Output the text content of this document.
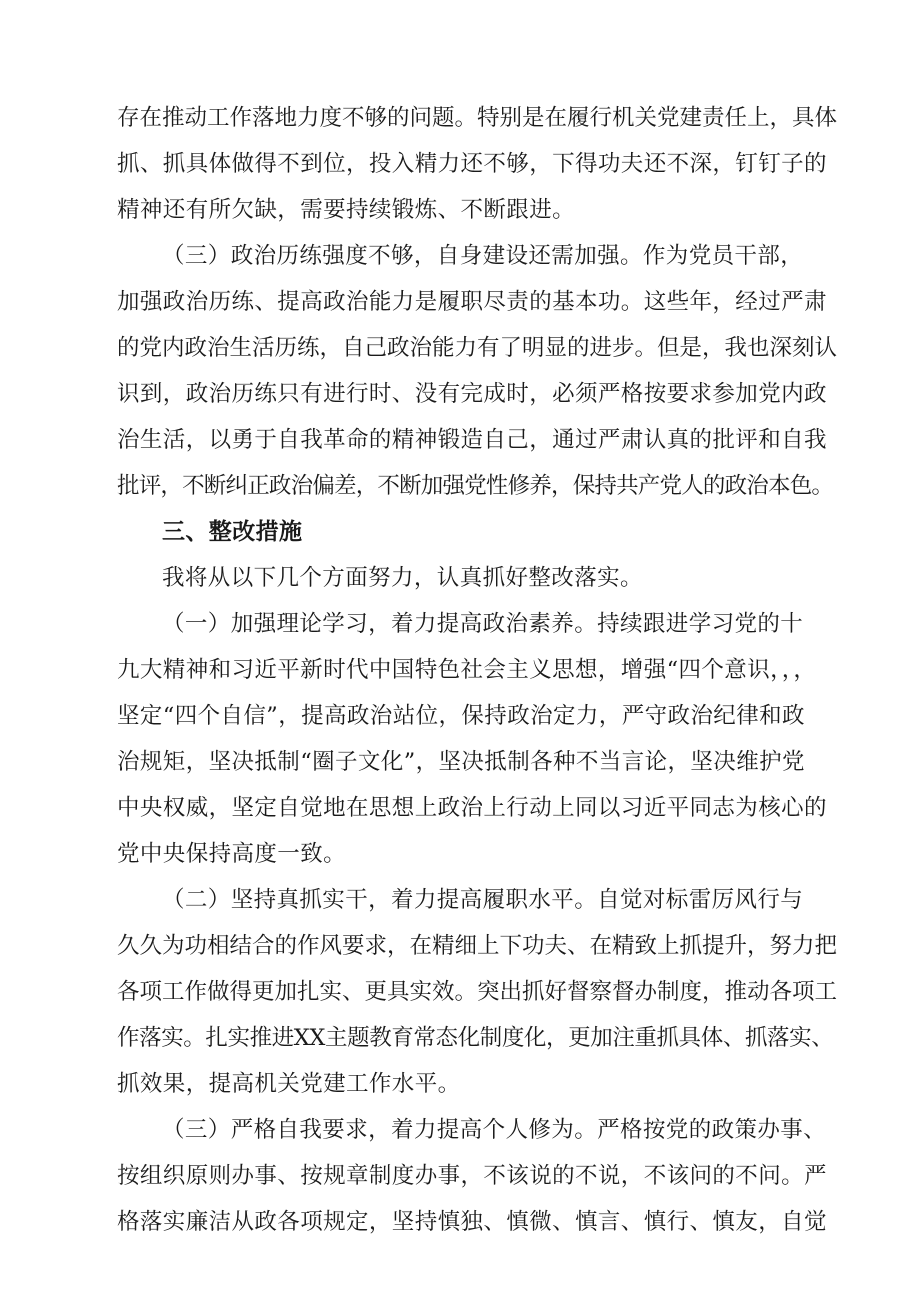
存在推动工作落地力度不够的问题。特别是在履行机关党建责任上，具体
抓、抓具体做得不到位，投入精力还不够，下得功夫还不深，钉钉子的
精神还有所欠缺，需要持续锻炼、不断跟进。
（三）政治历练强度不够，自身建设还需加强。作为党员干部，
加强政治历练、提高政治能力是履职尽责的基本功。这些年，经过严肃
的党内政治生活历练，自己政治能力有了明显的进步。但是，我也深刻认
识到，政治历练只有进行时、没有完成时，必须严格按要求参加党内政
治生活，以勇于自我革命的精神锻造自己，通过严肃认真的批评和自我
批评，不断纠正政治偏差，不断加强党性修养，保持共产党人的政治本色。
三、整改措施
我将从以下几个方面努力，认真抓好整改落实。
（一）加强理论学习，着力提高政治素养。持续跟进学习党的十
九大精神和习近平新时代中国特色社会主义思想，增强“四个意识，，，
坚定“四个自信”，提高政治站位，保持政治定力，严守政治纪律和政
治规矩，坚决抵制“圈子文化”，坚决抵制各种不当言论，坚决维护党
中央权威，坚定自觉地在思想上政治上行动上同以习近平同志为核心的
党中央保持高度一致。
（二）坚持真抓实干，着力提高履职水平。自觉对标雷厉风行与
久久为功相结合的作风要求，在精细上下功夫、在精致上抓提升，努力把
各项工作做得更加扎实、更具实效。突出抓好督察督办制度，推动各项工
作落实。扎实推进XX主题教育常态化制度化，更加注重抓具体、抓落实、
抓效果，提高机关党建工作水平。
（三）严格自我要求，着力提高个人修为。严格按党的政策办事、
按组织原则办事、按规章制度办事，不该说的不说，不该问的不问。严
格落实廉洁从政各项规定，坚持慎独、慎微、慎言、慎行、慎友，自觉
